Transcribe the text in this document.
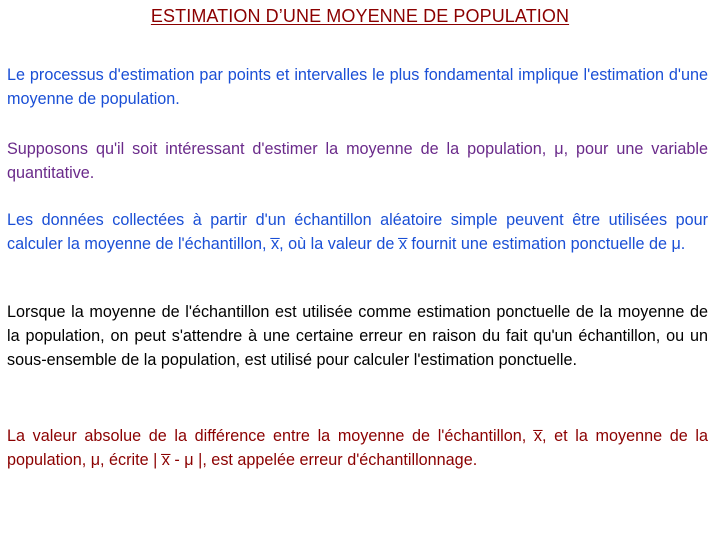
ESTIMATION D’UNE MOYENNE DE POPULATION

Le processus d'estimation par points et intervalles le plus fondamental implique l'estimation d'une moyenne de population.

Supposons qu'il soit intéressant d'estimer la moyenne de la population, μ, pour une variable quantitative.

Les données collectées à partir d'un échantillon aléatoire simple peuvent être utilisées pour calculer la moyenne de l'échantillon, x̅, où la valeur de x̅ fournit une estimation ponctuelle de μ.

Lorsque la moyenne de l'échantillon est utilisée comme estimation ponctuelle de la moyenne de la population, on peut s'attendre à une certaine erreur en raison du fait qu'un échantillon, ou un sous-ensemble de la population, est utilisé pour calculer l'estimation ponctuelle.

La valeur absolue de la différence entre la moyenne de l'échantillon, x̅, et la moyenne de la population, μ, écrite | x̅ - μ |, est appelée erreur d'échantillonnage.
